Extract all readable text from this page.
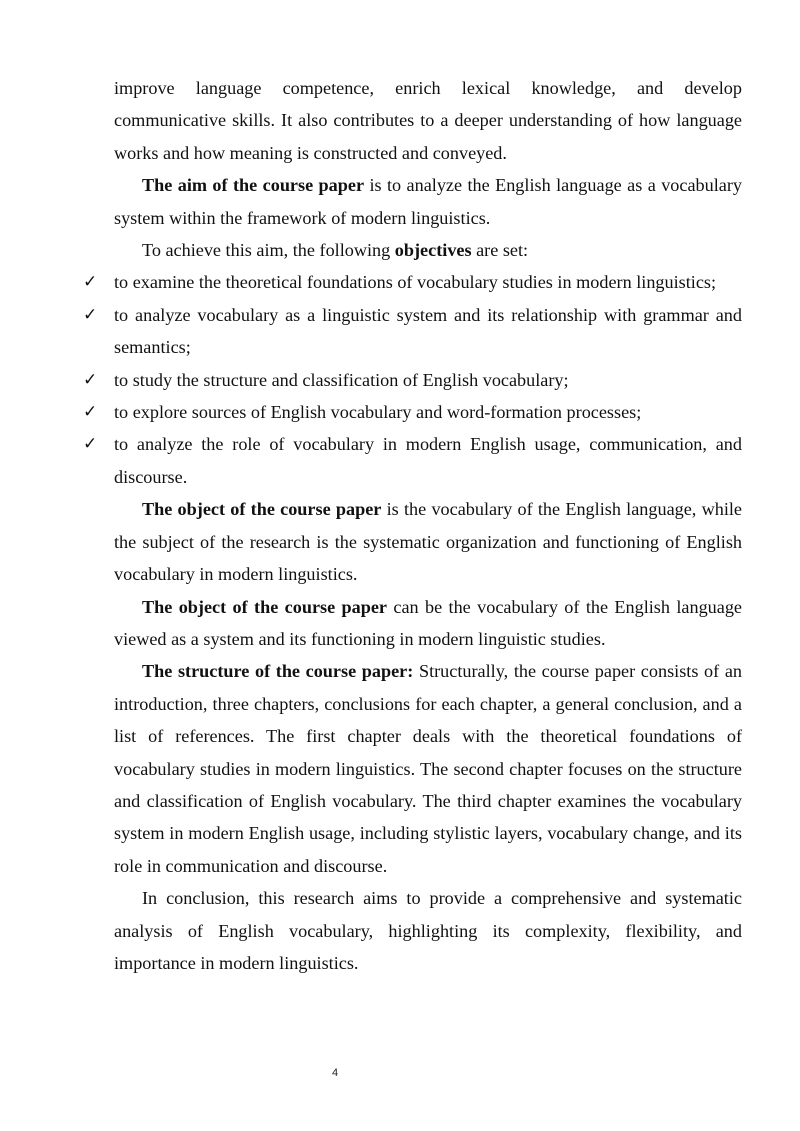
improve language competence, enrich lexical knowledge, and develop communicative skills. It also contributes to a deeper understanding of how language works and how meaning is constructed and conveyed.

The aim of the course paper is to analyze the English language as a vocabulary system within the framework of modern linguistics.

To achieve this aim, the following objectives are set:

✓ to examine the theoretical foundations of vocabulary studies in modern linguistics;
✓ to analyze vocabulary as a linguistic system and its relationship with grammar and semantics;
✓ to study the structure and classification of English vocabulary;
✓ to explore sources of English vocabulary and word-formation processes;
✓ to analyze the role of vocabulary in modern English usage, communication, and discourse.

The object of the course paper is the vocabulary of the English language, while the subject of the research is the systematic organization and functioning of English vocabulary in modern linguistics.

The object of the course paper can be the vocabulary of the English language viewed as a system and its functioning in modern linguistic studies.

The structure of the course paper: Structurally, the course paper consists of an introduction, three chapters, conclusions for each chapter, a general conclusion, and a list of references. The first chapter deals with the theoretical foundations of vocabulary studies in modern linguistics. The second chapter focuses on the structure and classification of English vocabulary. The third chapter examines the vocabulary system in modern English usage, including stylistic layers, vocabulary change, and its role in communication and discourse.

In conclusion, this research aims to provide a comprehensive and systematic analysis of English vocabulary, highlighting its complexity, flexibility, and importance in modern linguistics.

4
